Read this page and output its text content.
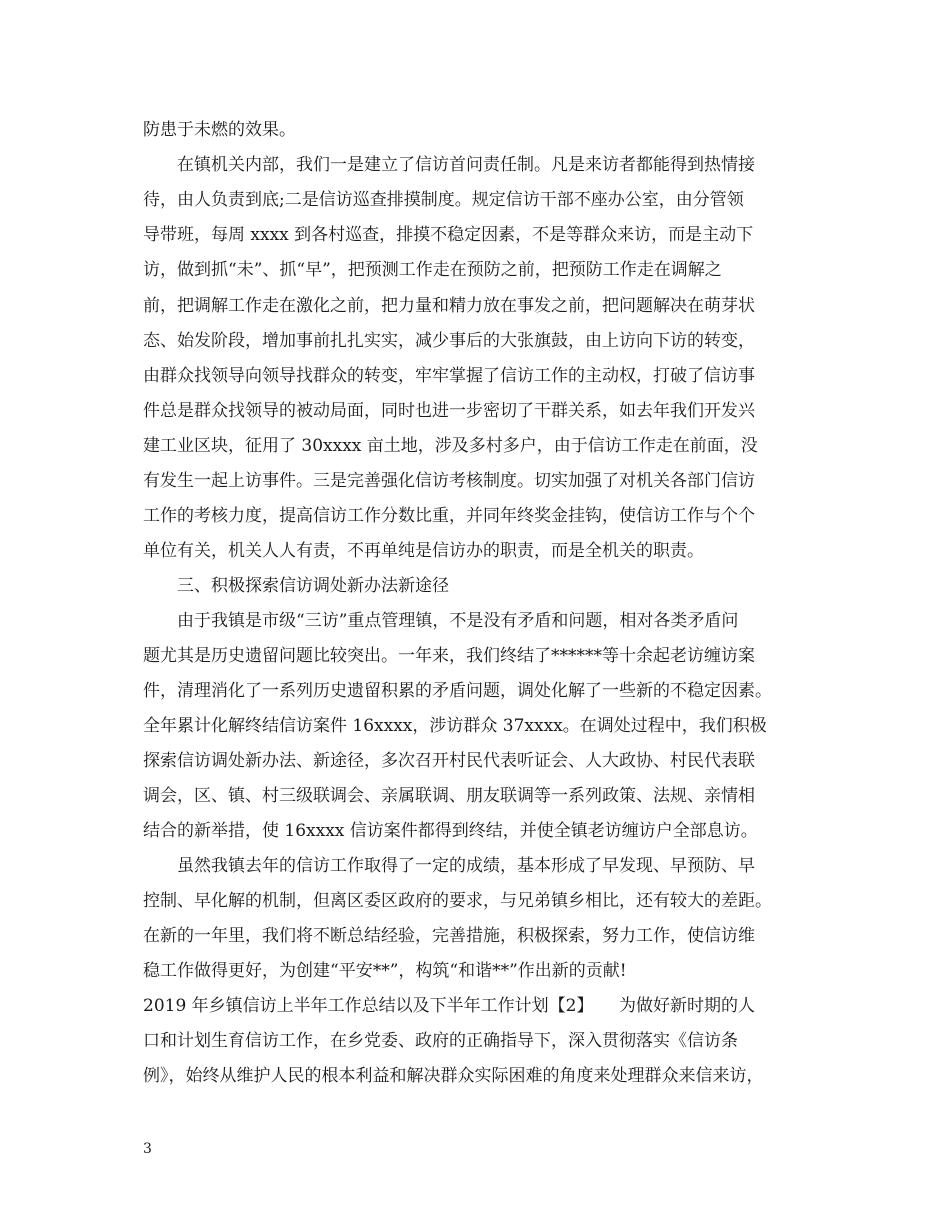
防患于未燃的效果。
　　在镇机关内部，我们一是建立了信访首问责任制。凡是来访者都能得到热情接
待，由人负责到底;二是信访巡查排摸制度。规定信访干部不座办公室，由分管领
导带班，每周 xxxx 到各村巡查，排摸不稳定因素，不是等群众来访，而是主动下
访，做到抓“未”、抓“早”，把预测工作走在预防之前，把预防工作走在调解之
前，把调解工作走在激化之前，把力量和精力放在事发之前，把问题解决在萌芽状
态、始发阶段，增加事前扎扎实实，减少事后的大张旗鼓，由上访向下访的转变，
由群众找领导向领导找群众的转变，牢牢掌握了信访工作的主动权，打破了信访事
件总是群众找领导的被动局面，同时也进一步密切了干群关系，如去年我们开发兴
建工业区块，征用了 30xxxx 亩土地，涉及多村多户，由于信访工作走在前面，没
有发生一起上访事件。三是完善强化信访考核制度。切实加强了对机关各部门信访
工作的考核力度，提高信访工作分数比重，并同年终奖金挂钩，使信访工作与个个
单位有关，机关人人有责，不再单纯是信访办的职责，而是全机关的职责。
　　三、积极探索信访调处新办法新途径
　　由于我镇是市级“三访”重点管理镇，不是没有矛盾和问题，相对各类矛盾问
题尤其是历史遗留问题比较突出。一年来，我们终结了******等十余起老访缠访案
件，清理消化了一系列历史遗留积累的矛盾问题，调处化解了一些新的不稳定因素。
全年累计化解终结信访案件 16xxxx，涉访群众 37xxxx。在调处过程中，我们积极
探索信访调处新办法、新途径，多次召开村民代表听证会、人大政协、村民代表联
调会，区、镇、村三级联调会、亲属联调、朋友联调等一系列政策、法规、亲情相
结合的新举措，使 16xxxx 信访案件都得到终结，并使全镇老访缠访户全部息访。
　　虽然我镇去年的信访工作取得了一定的成绩，基本形成了早发现、早预防、早
控制、早化解的机制，但离区委区政府的要求，与兄弟镇乡相比，还有较大的差距。
在新的一年里，我们将不断总结经验，完善措施，积极探索，努力工作，使信访维
稳工作做得更好，为创建“平安**”，构筑“和谐**”作出新的贡献!
2019 年乡镇信访上半年工作总结以及下半年工作计划【2】　　为做好新时期的人
口和计划生育信访工作，在乡党委、政府的正确指导下，深入贯彻落实《信访条
例》，始终从维护人民的根本利益和解决群众实际困难的角度来处理群众来信来访，
3
